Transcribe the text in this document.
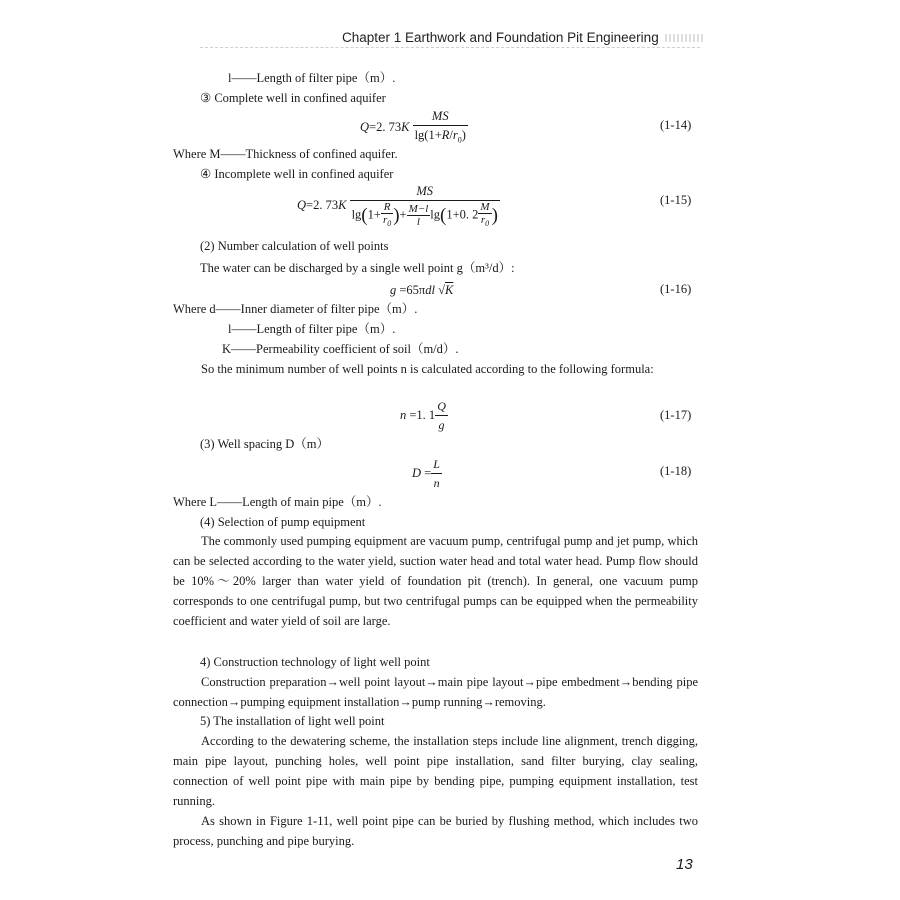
Chapter 1 Earthwork and Foundation Pit Engineering
l——Length of filter pipe（m）.
③ Complete well in confined aquifer
Q=2. $73K \frac{MS}{\lg(1+R/r_0)}$	(1-14)
Where M——Thickness of confined aquifer.
④ Incomplete well in confined aquifer
Q=2. $73K \frac{MS}{\lg(1+ \frac{R}{r_0} )+ \frac{M-l}{l} \lg(1+0. 2 \frac{M}{r_0} )}$	(1-15)
(2) Number calculation of well points
The water can be discharged by a single well point g（m³/d）:
g =65πdl √K	(1-16)
Where d——Inner diameter of filter pipe（m）.
l——Length of filter pipe（m）.
K——Permeability coefficient of soil（m/d）.
So the minimum number of well points n is calculated according to the following formula:
n =1. $1 \frac{Q}{g}$	(1-17)
(3) Well spacing D（m）
$D = \frac{L}{n}$	(1-18)
Where L——Length of main pipe（m）.
(4) Selection of pump equipment
The commonly used pumping equipment are vacuum pump, centrifugal pump and jet pump, which can be selected according to the water yield, suction water head and total water head. Pump flow should be 10%～20% larger than water yield of foundation pit (trench). In general, one vacuum pump corresponds to one centrifugal pump, but two centrifugal pumps can be equipped when the permeability coefficient and water yield of soil are large.
4) Construction technology of light well point
Construction preparation→well point layout→main pipe layout→pipe embedment→bending pipe connection→pumping equipment installation→pump running→removing.
5) The installation of light well point
According to the dewatering scheme, the installation steps include line alignment, trench digging, main pipe layout, punching holes, well point pipe installation, sand filter burying, clay sealing, connection of well point pipe with main pipe by bending pipe, pumping equipment installation, test running.
As shown in Figure 1-11, well point pipe can be buried by flushing method, which includes two process, punching and pipe burying.
13
